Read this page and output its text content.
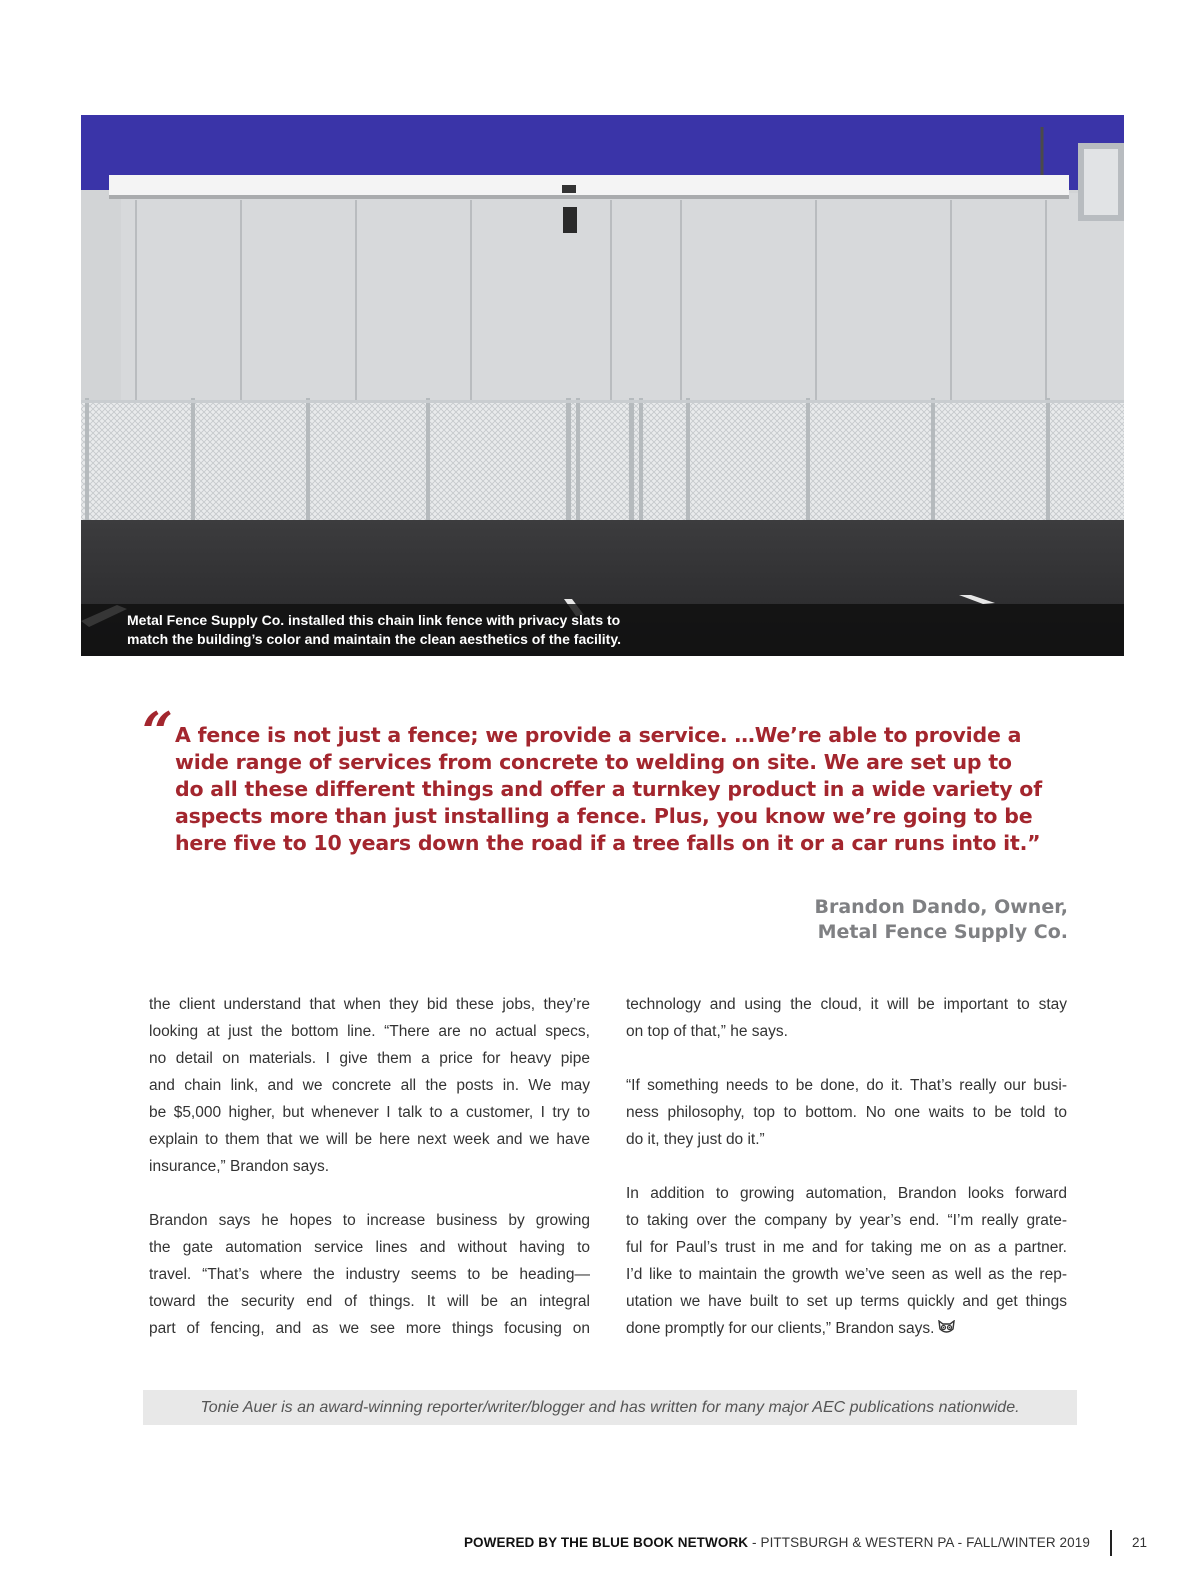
Metal Fence Supply Co. installed this chain link fence with privacy slats to
match the building’s color and maintain the clean aesthetics of the facility.
“ A fence is not just a fence; we provide a service. …We’re able to provide a
wide range of services from concrete to welding on site. We are set up to
do all these different things and offer a turnkey product in a wide variety of
aspects more than just installing a fence. Plus, you know we’re going to be
here five to 10 years down the road if a tree falls on it or a car runs into it.”
Brandon Dando, Owner,
Metal Fence Supply Co.

the client understand that when they bid these jobs, they’re
looking at just the bottom line. “There are no actual specs,
no detail on materials. I give them a price for heavy pipe
and chain link, and we concrete all the posts in. We may
be $5,000 higher, but whenever I talk to a customer, I try to
explain to them that we will be here next week and we have
insurance,” Brandon says.

Brandon says he hopes to increase business by growing
the gate automation service lines and without having to
travel. “That’s where the industry seems to be heading—
toward the security end of things. It will be an integral
part of fencing, and as we see more things focusing on

technology and using the cloud, it will be important to stay
on top of that,” he says.

“If something needs to be done, do it. That’s really our busi-
ness philosophy, top to bottom. No one waits to be told to
do it, they just do it.”

In addition to growing automation, Brandon looks forward
to taking over the company by year’s end. “I’m really grate-
ful for Paul’s trust in me and for taking me on as a partner.
I’d like to maintain the growth we’ve seen as well as the rep-
utation we have built to set up terms quickly and get things
done promptly for our clients,” Brandon says.

Tonie Auer is an award-winning reporter/writer/blogger and has written for many major AEC publications nationwide.
POWERED BY THE BLUE BOOK NETWORK - PITTSBURGH & WESTERN PA - FALL/WINTER 2019	21
